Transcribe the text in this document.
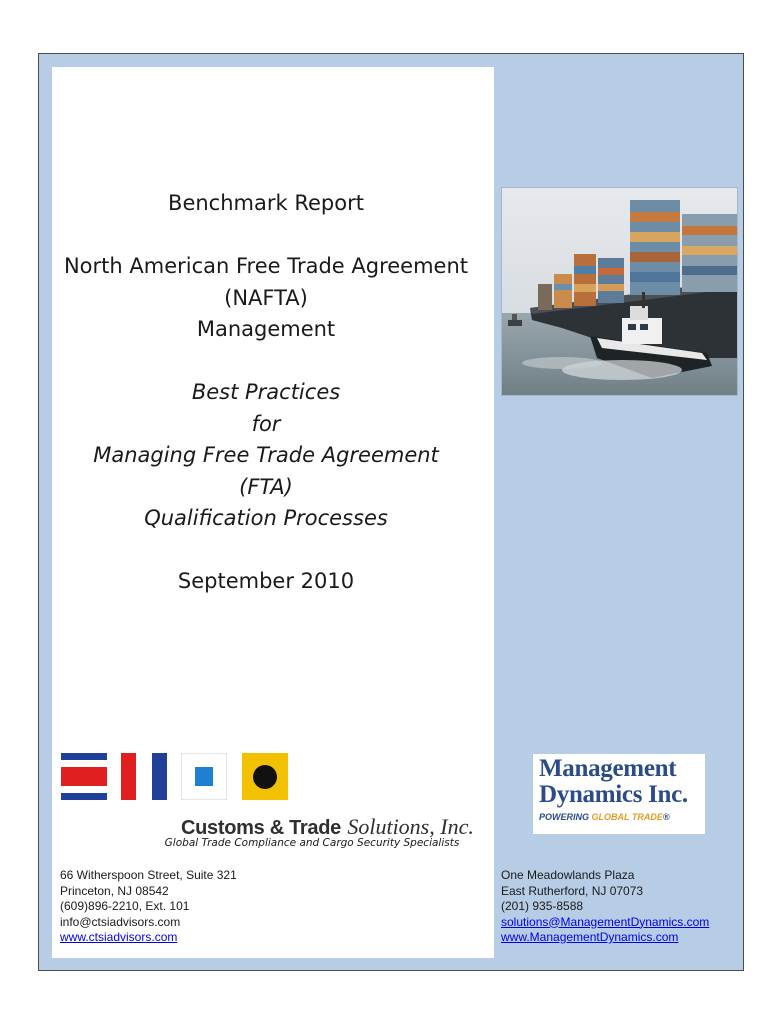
Benchmark Report
North American Free Trade Agreement
(NAFTA)
Management
Best Practices
for
Managing Free Trade Agreement
(FTA)
Qualification Processes
September 2010
Customs & Trade Solutions, Inc.
Global Trade Compliance and Cargo Security Specialists
66 Witherspoon Street, Suite 321
Princeton, NJ 08542
(609)896-2210, Ext. 101
info@ctsiadvisors.com
www.ctsiadvisors.com
Management
Dynamics Inc.
POWERING GLOBAL TRADE®
One Meadowlands Plaza
East Rutherford, NJ 07073
(201) 935-8588
solutions@ManagementDynamics.com
www.ManagementDynamics.com
